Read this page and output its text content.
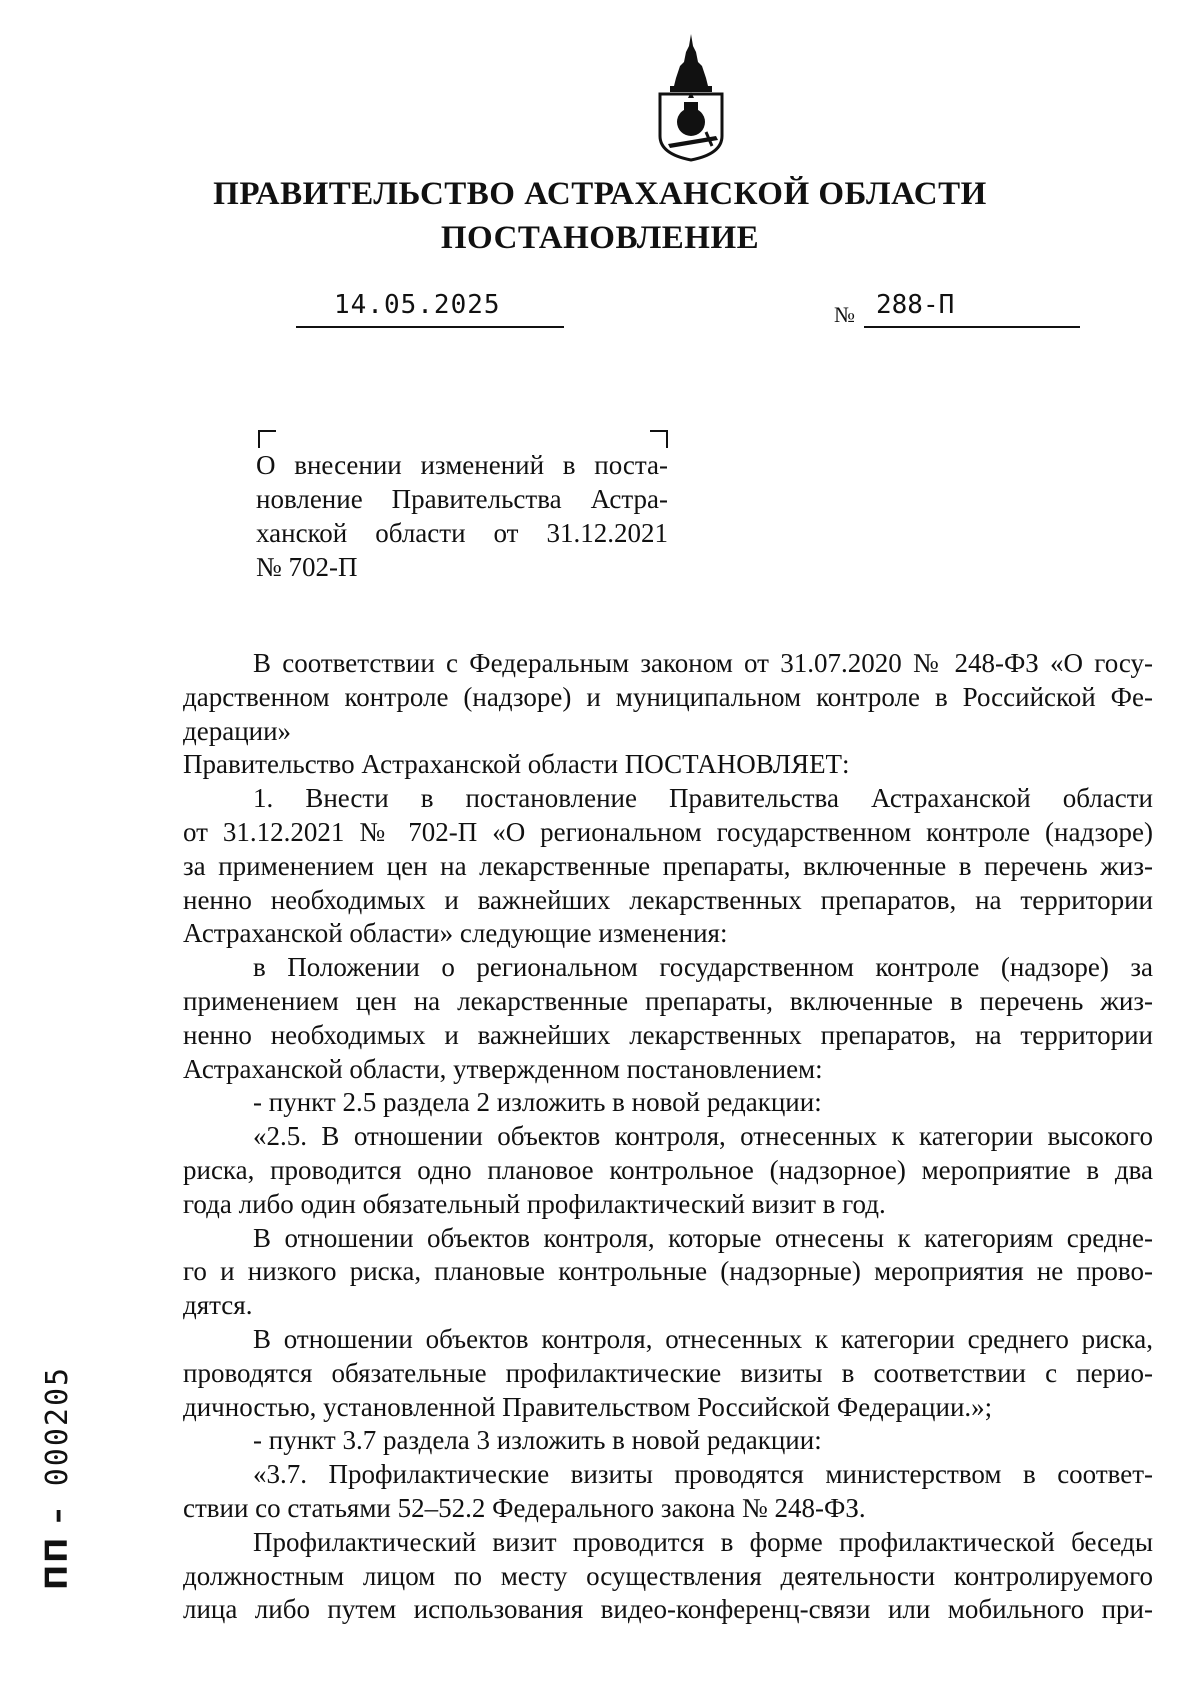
ПРАВИТЕЛЬСТВО АСТРАХАНСКОЙ ОБЛАСТИ
ПОСТАНОВЛЕНИЕ
14.05.2025	№ 288-П
О внесении изменений в поста-
новление Правительства Астра-
ханской области от 31.12.2021
№ 702-П
В соответствии с Федеральным законом от 31.07.2020 № 248-ФЗ «О госу-
дарственном контроле (надзоре) и муниципальном контроле в Российской Фе-
дерации»
Правительство Астраханской области ПОСТАНОВЛЯЕТ:
1. Внести в постановление Правительства Астраханской области
от 31.12.2021 № 702-П «О региональном государственном контроле (надзоре)
за применением цен на лекарственные препараты, включенные в перечень жиз-
ненно необходимых и важнейших лекарственных препаратов, на территории
Астраханской области» следующие изменения:
в Положении о региональном государственном контроле (надзоре) за
применением цен на лекарственные препараты, включенные в перечень жиз-
ненно необходимых и важнейших лекарственных препаратов, на территории
Астраханской области, утвержденном постановлением:
- пункт 2.5 раздела 2 изложить в новой редакции:
«2.5. В отношении объектов контроля, отнесенных к категории высокого
риска, проводится одно плановое контрольное (надзорное) мероприятие в два
года либо один обязательный профилактический визит в год.
В отношении объектов контроля, которые отнесены к категориям средне-
го и низкого риска, плановые контрольные (надзорные) мероприятия не прово-
дятся.
В отношении объектов контроля, отнесенных к категории среднего риска,
проводятся обязательные профилактические визиты в соответствии с перио-
дичностью, установленной Правительством Российской Федерации.»;
- пункт 3.7 раздела 3 изложить в новой редакции:
«3.7. Профилактические визиты проводятся министерством в соответ-
ствии со статьями 52–52.2 Федерального закона № 248-ФЗ.
Профилактический визит проводится в форме профилактической беседы
должностным лицом по месту осуществления деятельности контролируемого
лица либо путем использования видео-конференц-связи или мобильного при-
ПП – 000205
